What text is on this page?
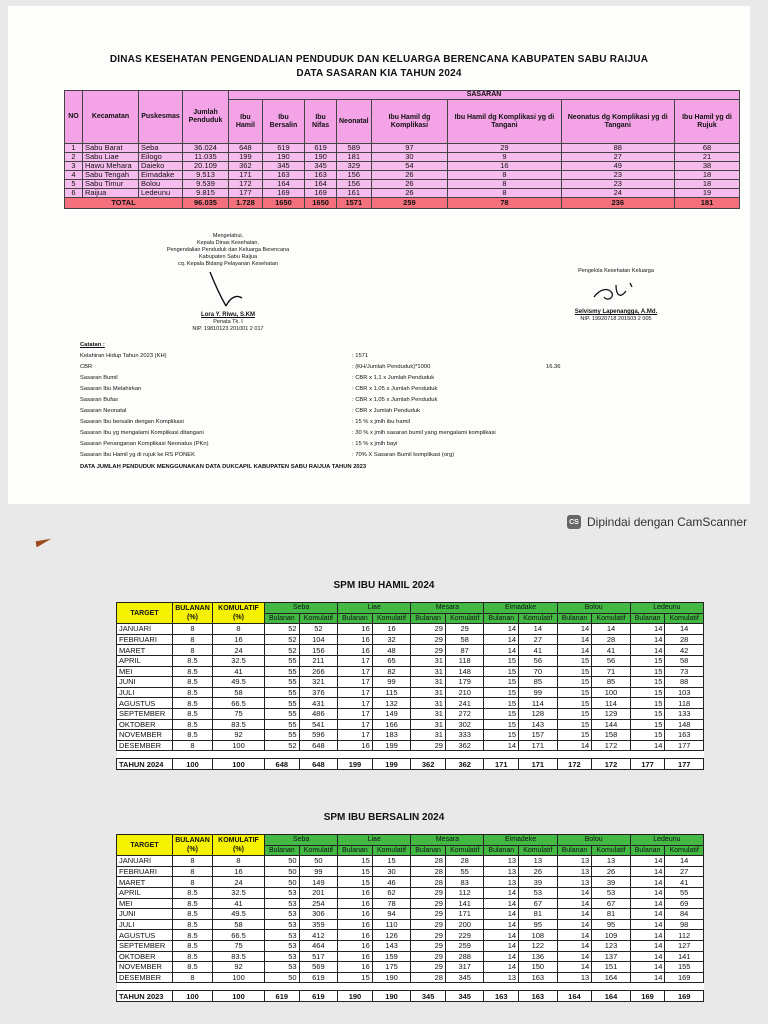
DINAS KESEHATAN PENGENDALIAN PENDUDUK DAN KELUARGA BERENCANA KABUPATEN SABU RAIJUA
DATA SASARAN KIA TAHUN 2024
NO	Kecamatan	Puskesmas	Jumlah Penduduk	SASARAN							
				Ibu Hamil	Ibu Bersalin	Ibu Nifas	Neonatal	Ibu Hamil dg Komplikasi	Ibu Hamil dg Komplikasi yg di Tangani	Neonatus dg Komplikasi yg di Tangani	Ibu Hamil yg di Rujuk
1	Sabu Barat	Seba	36.024	648	619	619	589	97	29	88	68
2	Sabu Liae	Eilogo	11.035	199	190	190	181	30	9	27	21
3	Hawu Mehara	Daieko	20.109	362	345	345	329	54	16	49	38
4	Sabu Tengah	Eimadake	9.513	171	163	163	156	26	8	23	18
5	Sabu Timur	Bolou	9.539	172	164	164	156	26	8	23	18
6	Raijua	Ledeunu	9.815	177	169	169	161	26	8	24	19
TOTAL			96.035	1.728	1650	1650	1571	259	78	236	181
Mengetahui,
Kepala Dinas Kesehatan,
Pengendalian Penduduk dan Keluarga Berencana
Kabupaten Sabu Raijua
cq. Kepala Bidang Pelayanan Kesehatan
Lora Y. Riwu, S.KM
Penata Tk. I
NIP. 19810123 201001 2 017
Pengelola Kesehatan Keluarga
Selvismy Lapenangga, A.Md.
NIP. 19920718 201503 2 005
Catatan :
Kelahiran Hidup Tahun 2023 (KH)	: 1571
CBR	: (KH/Jumlah Penduduk)*1000	16.36
Sasaran Bumil	: CBR x 1,1 x Jumlah Penduduk
Sasaran Ibu Melahirkan	: CBR x 1,05 x Jumlah Penduduk
Sasaran Bufas	: CBR x 1,05 x Jumlah Penduduk
Sasaran Neonatal	: CBR x Jumlah Penduduk
Sasaran Ibu bersalin dengan Komplikasi	: 15 % x jmlh ibu hamil
Sasaran Ibu yg mengalami Komplikasi ditangani	: 30 % x jmlh sasaran bumil yang mengalami komplikasi
Sasaran Penanganan Komplikasi Neonatus (PKn)	: 15 % x jmlh bayi
Sasaran Ibu Hamil yg di rujuk ke RS PONEK	: 70% X Sasaran Bumil komplikasi (org)
DATA JUMLAH PENDUDUK MENGGUNAKAN DATA DUKCAPIL KABUPATEN SABU RAIJUA TAHUN 2023
CS Dipindai dengan CamScanner
SPM IBU HAMIL 2024
TARGET	BULANAN (%)	KOMULATIF (%)	Seba		Liae		Mesara		Eimadake		Bolou		Ledeunu	
			Bulanan	Komulatif	Bulanan	Komulatif	Bulanan	Komulatif	Bulanan	Komulatif	Bulanan	Komulatif	Bulanan	Komulatif
JANUARI	8	8	52	52	16	16	29	29	14	14	14	14	14	14
FEBRUARI	8	16	52	104	16	32	29	58	14	27	14	28	14	28
MARET	8	24	52	156	16	48	29	87	14	41	14	41	14	42
APRIL	8.5	32.5	55	211	17	65	31	118	15	56	15	56	15	58
MEI	8.5	41	55	266	17	82	31	148	15	70	15	71	15	73
JUNI	8.5	49.5	55	321	17	99	31	179	15	85	15	85	15	88
JULI	8.5	58	55	376	17	115	31	210	15	99	15	100	15	103
AGUSTUS	8.5	66.5	55	431	17	132	31	241	15	114	15	114	15	118
SEPTEMBER	8.5	75	55	486	17	149	31	272	15	128	15	129	15	133
OKTOBER	8.5	83.5	55	541	17	166	31	302	15	143	15	144	15	148
NOVEMBER	8.5	92	55	596	17	183	31	333	15	157	15	158	15	163
DESEMBER	8	100	52	648	16	199	29	362	14	171	14	172	14	177

TAHUN 2024	100	100	648	648	199	199	362	362	171	171	172	172	177	177
SPM IBU BERSALIN 2024
TARGET	BULANAN (%)	KOMULATIF (%)	Seba		Liae		Mesara		Eimadeke		Bolou		Ledeunu	
			Bulanan	Komulatif	Bulanan	Komulatif	Bulanan	Komulatif	Bulanan	Komulatif	Bulanan	Komulatif	Bulanan	Komulatif
JANUARI	8	8	50	50	15	15	28	28	13	13	13	13	14	14
FEBRUARI	8	16	50	99	15	30	28	55	13	26	13	26	14	27
MARET	8	24	50	149	15	46	28	83	13	39	13	39	14	41
APRIL	8.5	32.5	53	201	16	62	29	112	14	53	14	53	14	55
MEI	8.5	41	53	254	16	78	29	141	14	67	14	67	14	69
JUNI	8.5	49.5	53	306	16	94	29	171	14	81	14	81	14	84
JULI	8.5	58	53	359	16	110	29	200	14	95	14	95	14	98
AGUSTUS	8.5	66.5	53	412	16	126	29	229	14	108	14	109	14	112
SEPTEMBER	8.5	75	53	464	16	143	29	259	14	122	14	123	14	127
OKTOBER	8.5	83.5	53	517	16	159	29	288	14	136	14	137	14	141
NOVEMBER	8.5	92	53	569	16	175	29	317	14	150	14	151	14	155
DESEMBER	8	100	50	619	15	190	28	345	13	163	13	164	14	169

TAHUN 2023	100	100	619	619	190	190	345	345	163	163	164	164	169	169
